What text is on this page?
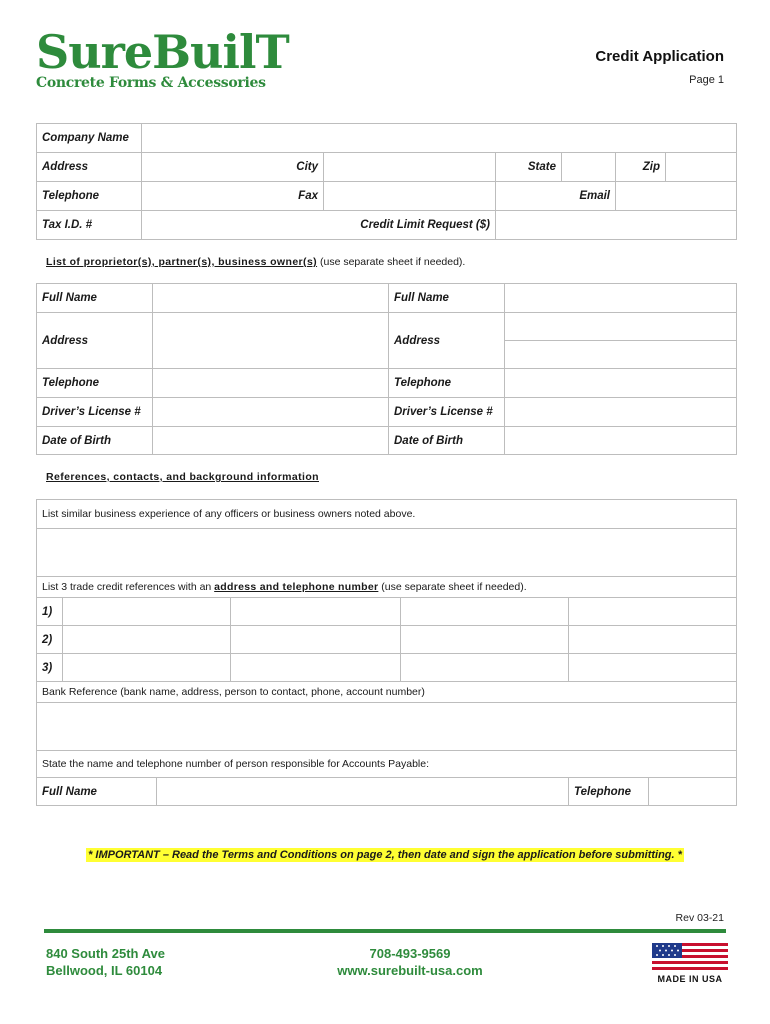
SureBuilT
Concrete Forms & Accessories
Credit Application
Page 1
Company Name						
Address	City		State		Zip	
Telephone	Fax		Email			
Tax I.D. #	Credit Limit Request ($)					
List of proprietor(s), partner(s), business owner(s) (use separate sheet if needed).
Full Name		Full Name	
Address		Address	

Telephone		Telephone	
Driver’s License #		Driver’s License #	
Date of Birth		Date of Birth	
References, contacts, and background information
List similar business experience of any officers or business owners noted above.					

List 3 trade credit references with an address and telephone number (use separate sheet if needed).					
1)					
2)					
3)					
Bank Reference (bank name, address, person to contact, phone, account number)					

State the name and telephone number of person responsible for Accounts Payable:					
Full Name					Telephone
* IMPORTANT – Read the Terms and Conditions on page 2, then date and sign the application before submitting. *
Rev 03-21
840 South 25th Ave
Bellwood, IL 60104
708-493-9569
www.surebuilt-usa.com
MADE IN USA
